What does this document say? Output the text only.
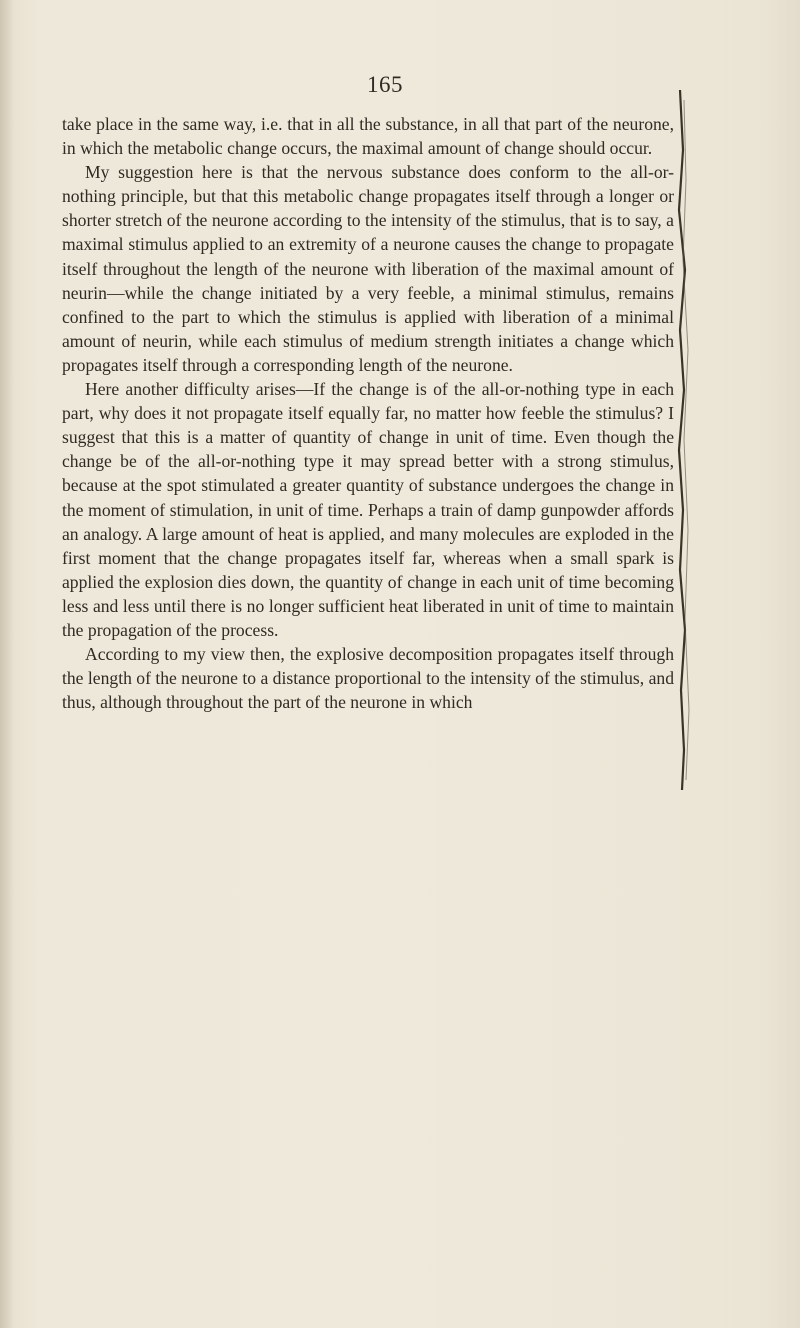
165

take place in the same way, i.e. that in all the substance, in all that part of the neurone, in which the metabolic change occurs, the maximal amount of change should occur.

My suggestion here is that the nervous substance does conform to the all-or-nothing principle, but that this metabolic change propagates itself through a longer or shorter stretch of the neurone according to the intensity of the stimulus, that is to say, a maximal stimulus applied to an extremity of a neurone causes the change to propagate itself throughout the length of the neurone with liberation of the maximal amount of neurin—while the change initiated by a very feeble, a minimal stimulus, remains confined to the part to which the stimulus is applied with liberation of a minimal amount of neurin, while each stimulus of medium strength initiates a change which propagates itself through a corresponding length of the neurone.

Here another difficulty arises—If the change is of the all-or-nothing type in each part, why does it not propagate itself equally far, no matter how feeble the stimulus? I suggest that this is a matter of quantity of change in unit of time. Even though the change be of the all-or-nothing type it may spread better with a strong stimulus, because at the spot stimulated a greater quantity of substance undergoes the change in the moment of stimulation, in unit of time. Perhaps a train of damp gunpowder affords an analogy. A large amount of heat is applied, and many molecules are exploded in the first moment that the change propagates itself far, whereas when a small spark is applied the explosion dies down, the quantity of change in each unit of time becoming less and less until there is no longer sufficient heat liberated in unit of time to maintain the propagation of the process.

According to my view then, the explosive decomposition propagates itself through the length of the neurone to a distance proportional to the intensity of the stimulus, and thus, although throughout the part of the neurone in which
